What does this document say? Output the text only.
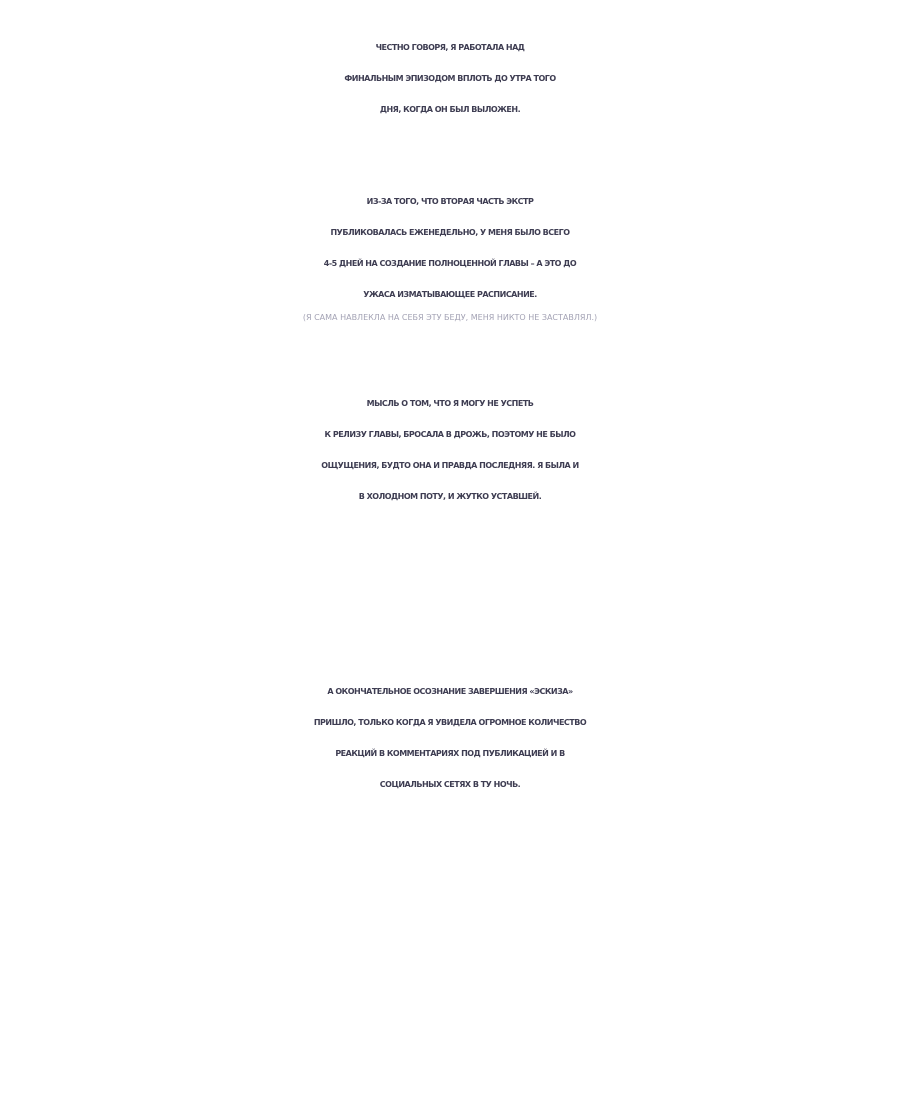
ЧЕСТНО ГОВОРЯ, Я РАБОТАЛА НАД
ФИНАЛЬНЫМ ЭПИЗОДОМ ВПЛОТЬ ДО УТРА ТОГО
ДНЯ, КОГДА ОН БЫЛ ВЫЛОЖЕН.
ИЗ-ЗА ТОГО, ЧТО ВТОРАЯ ЧАСТЬ ЭКСТР
ПУБЛИКОВАЛАСЬ ЕЖЕНЕДЕЛЬНО, У МЕНЯ БЫЛО ВСЕГО
4-5 ДНЕЙ НА СОЗДАНИЕ ПОЛНОЦЕННОЙ ГЛАВЫ – А ЭТО ДО
УЖАСА ИЗМАТЫВАЮЩЕЕ РАСПИСАНИЕ.
(Я САМА НАВЛЕКЛА НА СЕБЯ ЭТУ БЕДУ, МЕНЯ НИКТО НЕ ЗАСТАВЛЯЛ.)
МЫСЛЬ О ТОМ, ЧТО Я МОГУ НЕ УСПЕТЬ
К РЕЛИЗУ ГЛАВЫ, БРОСАЛА В ДРОЖЬ, ПОЭТОМУ НЕ БЫЛО
ОЩУЩЕНИЯ, БУДТО ОНА И ПРАВДА ПОСЛЕДНЯЯ. Я БЫЛА И
В ХОЛОДНОМ ПОТУ, И ЖУТКО УСТАВШЕЙ.
А ОКОНЧАТЕЛЬНОЕ ОСОЗНАНИЕ ЗАВЕРШЕНИЯ «ЭСКИЗА»
ПРИШЛО, ТОЛЬКО КОГДА Я УВИДЕЛА ОГРОМНОЕ КОЛИЧЕСТВО
РЕАКЦИЙ В КОММЕНТАРИЯХ ПОД ПУБЛИКАЦИЕЙ И В
СОЦИАЛЬНЫХ СЕТЯХ В ТУ НОЧЬ.
